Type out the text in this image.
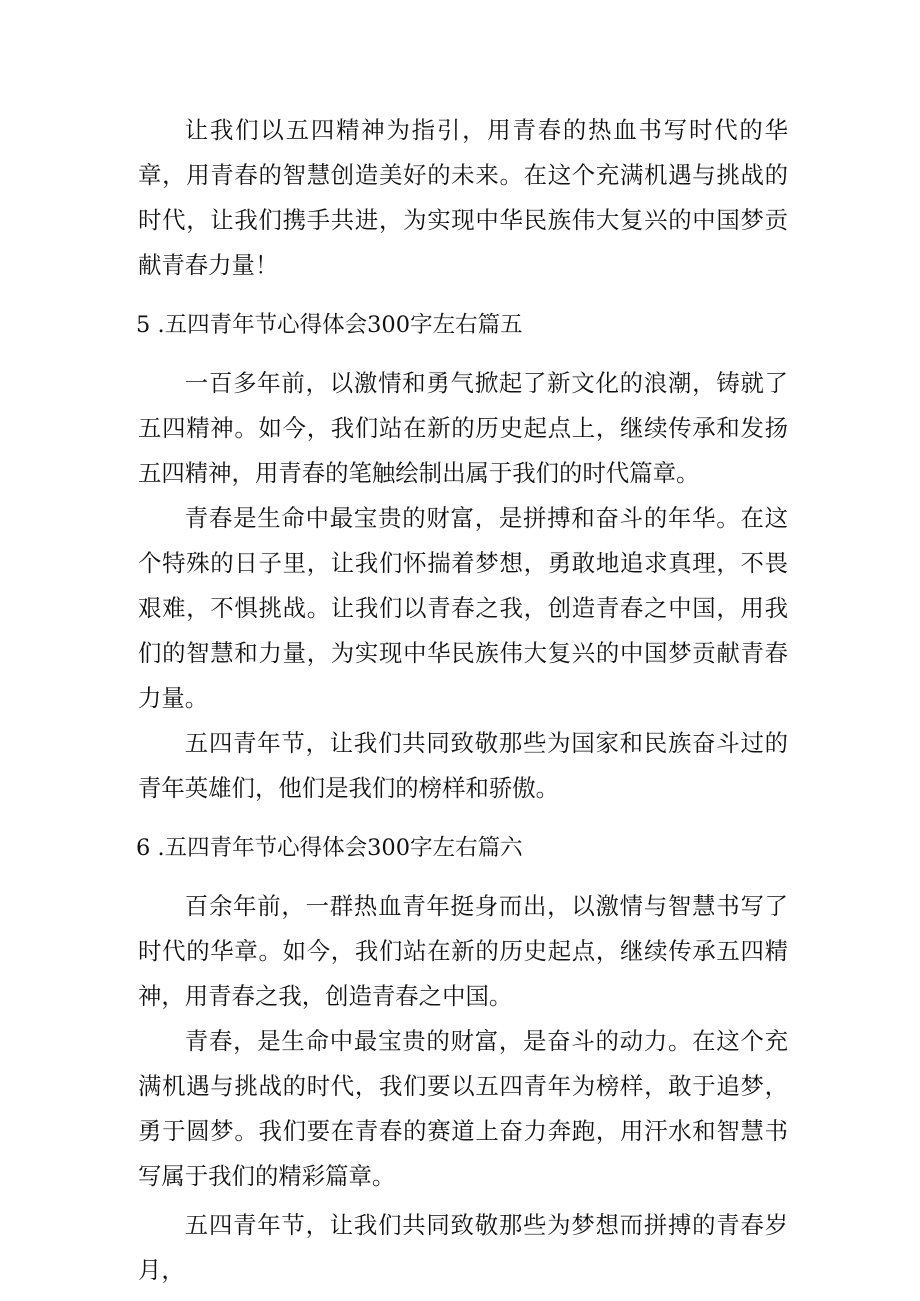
让我们以五四精神为指引，用青春的热血书写时代的华章，用青春的智慧创造美好的未来。在这个充满机遇与挑战的时代，让我们携手共进，为实现中华民族伟大复兴的中国梦贡献青春力量！

5 .五四青年节心得体会300字左右篇五

一百多年前，以激情和勇气掀起了新文化的浪潮，铸就了五四精神。如今，我们站在新的历史起点上，继续传承和发扬五四精神，用青春的笔触绘制出属于我们的时代篇章。

青春是生命中最宝贵的财富，是拼搏和奋斗的年华。在这个特殊的日子里，让我们怀揣着梦想，勇敢地追求真理，不畏艰难，不惧挑战。让我们以青春之我，创造青春之中国，用我们的智慧和力量，为实现中华民族伟大复兴的中国梦贡献青春力量。

五四青年节，让我们共同致敬那些为国家和民族奋斗过的青年英雄们，他们是我们的榜样和骄傲。

6 .五四青年节心得体会300字左右篇六

百余年前，一群热血青年挺身而出，以激情与智慧书写了时代的华章。如今，我们站在新的历史起点，继续传承五四精神，用青春之我，创造青春之中国。

青春，是生命中最宝贵的财富，是奋斗的动力。在这个充满机遇与挑战的时代，我们要以五四青年为榜样，敢于追梦，勇于圆梦。我们要在青春的赛道上奋力奔跑，用汗水和智慧书写属于我们的精彩篇章。

五四青年节，让我们共同致敬那些为梦想而拼搏的青春岁月，
